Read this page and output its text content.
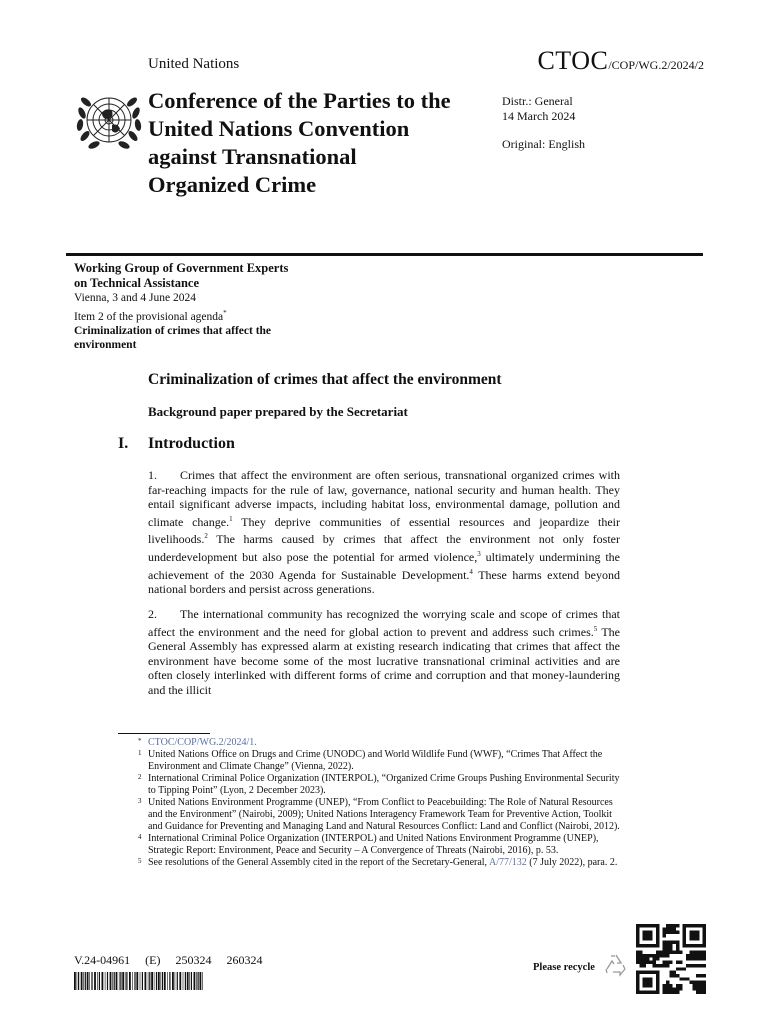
United Nations	CTOC/COP/WG.2/2024/2
Conference of the Parties to the
United Nations Convention
against Transnational
Organized Crime
Distr.: General
14 March 2024
Original: English
Working Group of Government Experts
on Technical Assistance
Vienna, 3 and 4 June 2024
Item 2 of the provisional agenda*
Criminalization of crimes that affect the environment
Criminalization of crimes that affect the environment
Background paper prepared by the Secretariat
I. Introduction
1. Crimes that affect the environment are often serious, transnational organized crimes with far-reaching impacts for the rule of law, governance, national security and human health. They entail significant adverse impacts, including habitat loss, environmental damage, pollution and climate change.$^1$ They deprive communities of essential resources and jeopardize their livelihoods.$^2$ The harms caused by crimes that affect the environment not only foster underdevelopment but also pose the potential for armed violence,$^3$ ultimately undermining the achievement of the 2030 Agenda for Sustainable Development.$^4$ These harms extend beyond national borders and persist across generations.
2. The international community has recognized the worrying scale and scope of crimes that affect the environment and the need for global action to prevent and address such crimes.$^5$ The General Assembly has expressed alarm at existing research indicating that crimes that affect the environment have become some of the most lucrative transnational criminal activities and are often closely interlinked with different forms of crime and corruption and that money-laundering and the illicit
* CTOC/COP/WG.2/2024/1.
1 United Nations Office on Drugs and Crime (UNODC) and World Wildlife Fund (WWF), “Crimes That Affect the Environment and Climate Change” (Vienna, 2022).
2 International Criminal Police Organization (INTERPOL), “Organized Crime Groups Pushing Environmental Security to Tipping Point” (Lyon, 2 December 2023).
3 United Nations Environment Programme (UNEP), “From Conflict to Peacebuilding: The Role of Natural Resources and the Environment” (Nairobi, 2009); United Nations Interagency Framework Team for Preventive Action, Toolkit and Guidance for Preventing and Managing Land and Natural Resources Conflict: Land and Conflict (Nairobi, 2012).
4 International Criminal Police Organization (INTERPOL) and United Nations Environment Programme (UNEP), Strategic Report: Environment, Peace and Security – A Convergence of Threats (Nairobi, 2016), p. 53.
5 See resolutions of the General Assembly cited in the report of the Secretary-General, A/77/132 (7 July 2022), para. 2.
V.24-04961 (E) 250324 260324
Please recycle
